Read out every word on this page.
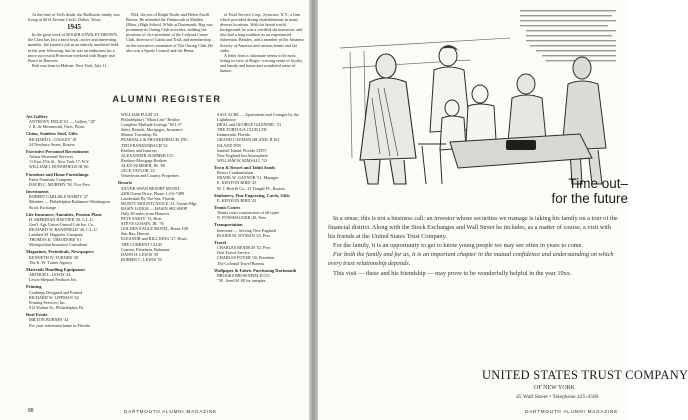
At the time of Ted's death, the Rodhstein family was living at 6614 Avenue Circle, Dallas, Texas.

1945

In the great work of ROGER STANLEY BROWN, the Class has lost a most loyal, active and interesting member. Ste joined a job in an entirely unrelated field in the year following, but he was an enthusiast for a more successful Princeton weekend with Roger and Bruce in Hanover.

Bob was born in Malone, New York, July 11,

1924, the son of Ralph Nealis and Helen Atwill Brown. He attended the Dartmouth at Malden (Mass.) High School. While at Dartmouth, Rog was prominent in Outing Club activities, holding the positions of vice-president of the Ledyard Canoe Club, director of Cabin and Trail, and membership on the executive committee of The Outing Club. He also was a Sports Council and the Bema.

of Food Service Corp., Syracuse, N.Y., a firm which provided dining establishments in many diverse locations. With his broad world background, he was a certified ski instructor, and also had a long tradition as an experienced fisherman. Besides, and a member of the Amateur Society of America and various tennis and ski clubs.

A letter from a classmate seems to be most fitting in view of Roger: a strong sense of loyalty and family and home and wonderful sense of humor.

ALUMNI REGISTER
Art Gallery
ANTHONY FIELD '61 — Gallery "18"
J. R. de Miromesnil, Paris, Prints
China, Stainless Steel, Gifts
RICHARD L. COOLEY '18
24 Newbury Street, Boston
Executive Personnel Recruitment
Arthur Personnel Services
11 East 47th St., New York 17, N.Y.
WILLIAM I. BONNIFIELD III '60
Furniture and Home Furnishings
Paine Furniture Company
DAVID C. MURPHY '58, Vice Pres.
Investments
ROBERT CARLISLE HARDY '27
Member — Philadelphia-Baltimore-Washington Stock Exchange
Life Insurance, Annuities, Pension Plans
H. SHERIDAN BAETJER '20, C.L.U.
Gen'l. Agt. Union Central Life Ins. Co.
RICHARD W. BANDFIELD '40, C.L.U.
Lambert M. Huppeler Company
THOMAS K. THEODORE '61
Metropolitan Insurance Consultant
Magazines, Periodicals, Newspapers
KENNETH W. TURNER '28
The K. W. Turner Agency
Materials Handling Equipment
ARTHUR L. LEWIS '44
Lewis-Shepard Products Inc.
Printing
Conkings Designed and Printed
RICHARD W. LIPPMAN '62
Printing Services, Inc.
912 Walnut St., Philadelphia, Pa.
Real Estate
MILTON BURNES '32
For your retirement home in Florida
WILLIAM PUGH '23
Philadelphia's "Main Line" Realtor
Complete Multiple Listings "M L S"
Sales, Rentals, Mortgages, Insurance
Marion Township, Pa.
PEARSALL & FRANKENBACH, INC.
TED FRANKENBACH '32
Realtors and Insurors
ALEXANDER SUMMER CO.
Realtors-Mortgage Brokers
ALEX SUMMER, JR. '60
JACK TAYLOR '22
Waterfront and Country Properties
Resorts
SILVER SWAN RESORT MOTEL
4208 Ocean Drive, Phone 1-2-6-7489
Lauderdale By The Sea, Florida
MONTY MOUNTCASTLE '21, Owner-Mgr.
BASIN LODGE — BASIN SKI SHOP
Only 48 miles from Hanover
PETE SARTY '15, Host
STEVE GOSSIN, JR. '76
GOLDEN EAGLE MOTEL, Route 108
Sun Bay, Hawaii
ELEANOR and BILL KING '27, Hosts
THE CURRENT CLUB
Current, Eleuthera, Bahamas
DANN H. LEWIS '39
ROBERT C. LEWIS '55
SALT ACRE — Apartments and Cottages by the Lighthouse
DEAL and GEORGE GILPATRIC '31
THE TORTUGA CLUB LTD.
Islamorada, Florida
GRAND CAYMAN ISLAND, B.W.I.
ISLAND INN
Sanibel Island, Florida 33957
New England Inn Atmosphere
WILLIAM W. KIMSALL '33
Town & Resort and Tahiti Sands
Resort Condominium
FRANK W. GAYNOR '31, Manager
E. KENYON BIRD '43
M. J. Bird & Co., 21 Temple Pl., Boston
Stationery, Fine Engraving, Cards, Gifts
E. KENYON BIRD '43
Tennis Courts
Tennis court construction of all types
N. FONSHAGGER '40, Pres.
Transportation
Interstate — Serving New England
ROGER M. WYMAN '25, Pres.
Travel
CHARLES BENISCH '52, Pres.
Dart Travel Service
CHARLES POYER '40, President
The Colonial Travel Bureau
Wallpaper & Fabric Purchasing Dartmouth
BROOKS BROWNFIELD CO.
"39 . Send $1.00 for samples.
88	DARTMOUTH ALUMNI MAGAZINE
Time out–
for the future

In a sense, this is not a business call: an investor whose securities we manage is taking his family on a tour of the financial district. Along with the Stock Exchanges and Wall Street he includes, as a matter of course, a visit with his friends at the United States Trust Company.

For the family, it is an opportunity to get to know young people we may see often in years to come.

For both the family and for us, it is an important chapter in the mutual confidence and understanding on which every trust relationship depends.

This visit — these and his friendship — may prove to be wonderfully helpful in the year 19xx.

UNITED STATES TRUST COMPANY
OF NEW YORK
45 Wall Street • Telephone 425-4500
DARTMOUTH ALUMNI MAGAZINE
